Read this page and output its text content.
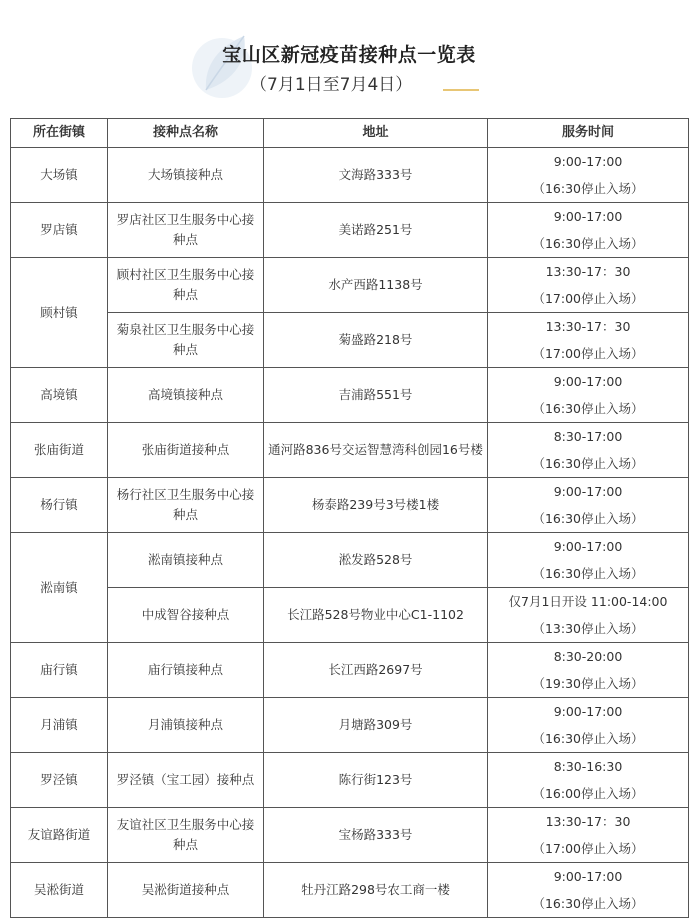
宝山区新冠疫苗接种点一览表
（7月1日至7月4日）
所在街镇	接种点名称	地址	服务时间
大场镇	大场镇接种点	文海路333号	9:00-17:00
（16:30停止入场）

罗店镇	罗店社区卫生服务中心接种点	美诺路251号	9:00-17:00
（16:30停止入场）

顾村镇	顾村社区卫生服务中心接种点	水产西路1138号	13:30-17：30
（17:00停止入场）

	菊泉社区卫生服务中心接种点	菊盛路218号	13:30-17：30
（17:00停止入场）

高境镇	高境镇接种点	吉浦路551号	9:00-17:00
（16:30停止入场）

张庙街道	张庙街道接种点	通河路836号交运智慧湾科创园16号楼	8:30-17:00
（16:30停止入场）

杨行镇	杨行社区卫生服务中心接种点	杨泰路239号3号楼1楼	9:00-17:00
（16:30停止入场）

淞南镇	淞南镇接种点	淞发路528号	9:00-17:00
（16:30停止入场）

	中成智谷接种点	长江路528号物业中心C1-1102	仅7月1日开设 11:00-14:00
（13:30停止入场）

庙行镇	庙行镇接种点	长江西路2697号	8:30-20:00
（19:30停止入场）

月浦镇	月浦镇接种点	月塘路309号	9:00-17:00
（16:30停止入场）

罗泾镇	罗泾镇（宝工园）接种点	陈行街123号	8:30-16:30
（16:00停止入场）

友谊路街道	友谊社区卫生服务中心接种点	宝杨路333号	13:30-17：30
（17:00停止入场）

吴淞街道	吴淞街道接种点	牡丹江路298号农工商一楼	9:00-17:00
（16:30停止入场）
